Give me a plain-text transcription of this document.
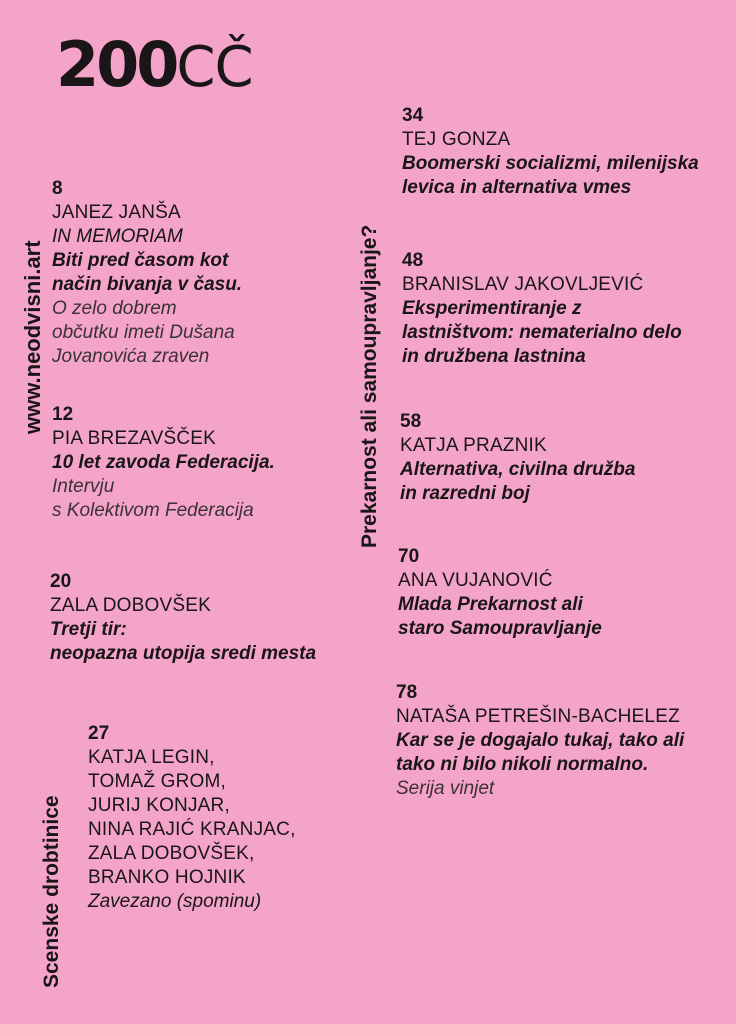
200CČ
www.neodvisni.art	Prekarnost ali samoupravljanje?
Scenske drobtinice
8
JANEZ JANŠA
IN MEMORIAM
Biti pred časom kot
način bivanja v času.
O zelo dobrem
občutku imeti Dušana
Jovanovića zraven
12
PIA BREZAVŠČEK
10 let zavoda Federacija.
Intervju
s Kolektivom Federacija
20
ZALA DOBOVŠEK
Tretji tir:
neopazna utopija sredi mesta
27
KATJA LEGIN,
TOMAŽ GROM,
JURIJ KONJAR,
NINA RAJIĆ KRANJAC,
ZALA DOBOVŠEK,
BRANKO HOJNIK
Zavezano (spominu)
34
TEJ GONZA
Boomerski socializmi, milenijska
levica in alternativa vmes
48
BRANISLAV JAKOVLJEVIĆ
Eksperimentiranje z
lastništvom: nematerialno delo
in družbena lastnina
58
KATJA PRAZNIK
Alternativa, civilna družba
in razredni boj
70
ANA VUJANOVIĆ
Mlada Prekarnost ali
staro Samoupravljanje
78
NATAŠA PETREŠIN-BACHELEZ
Kar se je dogajalo tukaj, tako ali
tako ni bilo nikoli normalno.
Serija vinjet
